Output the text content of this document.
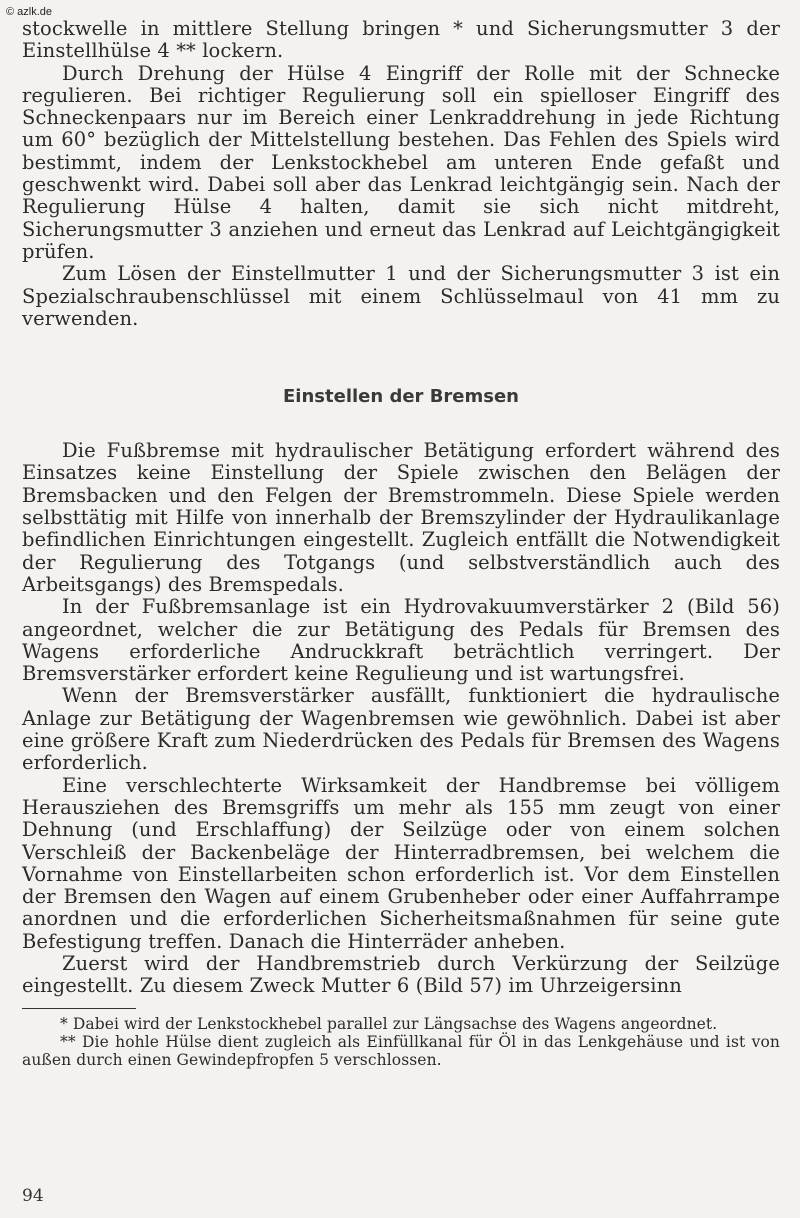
© azlk.de

stockwelle in mittlere Stellung bringen * und Sicherungsmutter 3 der Einstellhülse 4 ** lockern.

Durch Drehung der Hülse 4 Eingriff der Rolle mit der Schnecke regulieren. Bei richtiger Regulierung soll ein spielloser Eingriff des Schneckenpaars nur im Bereich einer Lenkraddrehung in jede Richtung um 60° bezüglich der Mittelstellung bestehen. Das Fehlen des Spiels wird bestimmt, indem der Lenkstockhebel am unteren Ende gefaßt und geschwenkt wird. Dabei soll aber das Lenkrad leichtgängig sein. Nach der Regulierung Hülse 4 halten, damit sie sich nicht mitdreht, Sicherungsmutter 3 anziehen und erneut das Lenkrad auf Leichtgängigkeit prüfen.

Zum Lösen der Einstellmutter 1 und der Sicherungsmutter 3 ist ein Spezialschraubenschlüssel mit einem Schlüsselmaul von 41 mm zu verwenden.

Einstellen der Bremsen

Die Fußbremse mit hydraulischer Betätigung erfordert während des Einsatzes keine Einstellung der Spiele zwischen den Belägen der Bremsbacken und den Felgen der Bremstrommeln. Diese Spiele werden selbsttätig mit Hilfe von innerhalb der Bremszylinder der Hydraulikanlage befindlichen Einrichtungen eingestellt. Zugleich entfällt die Notwendigkeit der Regulierung des Totgangs (und selbstverständlich auch des Arbeitsgangs) des Bremspedals.

In der Fußbremsanlage ist ein Hydrovakuumverstärker 2 (Bild 56) angeordnet, welcher die zur Betätigung des Pedals für Bremsen des Wagens erforderliche Andruckkraft beträchtlich verringert. Der Bremsverstärker erfordert keine Regulieung und ist wartungsfrei.

Wenn der Bremsverstärker ausfällt, funktioniert die hydraulische Anlage zur Betätigung der Wagenbremsen wie gewöhnlich. Dabei ist aber eine größere Kraft zum Niederdrücken des Pedals für Bremsen des Wagens erforderlich.

Eine verschlechterte Wirksamkeit der Handbremse bei völligem Herausziehen des Bremsgriffs um mehr als 155 mm zeugt von einer Dehnung (und Erschlaffung) der Seilzüge oder von einem solchen Verschleiß der Backenbeläge der Hinterradbremsen, bei welchem die Vornahme von Einstellarbeiten schon erforderlich ist. Vor dem Einstellen der Bremsen den Wagen auf einem Grubenheber oder einer Auffahrrampe anordnen und die erforderlichen Sicherheitsmaßnahmen für seine gute Befestigung treffen. Danach die Hinterräder anheben.

Zuerst wird der Handbremstrieb durch Verkürzung der Seilzüge eingestellt. Zu diesem Zweck Mutter 6 (Bild 57) im Uhrzeigersinn

* Dabei wird der Lenkstockhebel parallel zur Längsachse des Wagens angeordnet.

** Die hohle Hülse dient zugleich als Einfüllkanal für Öl in das Lenkgehäuse und ist von außen durch einen Gewindepfropfen 5 verschlossen.

94
